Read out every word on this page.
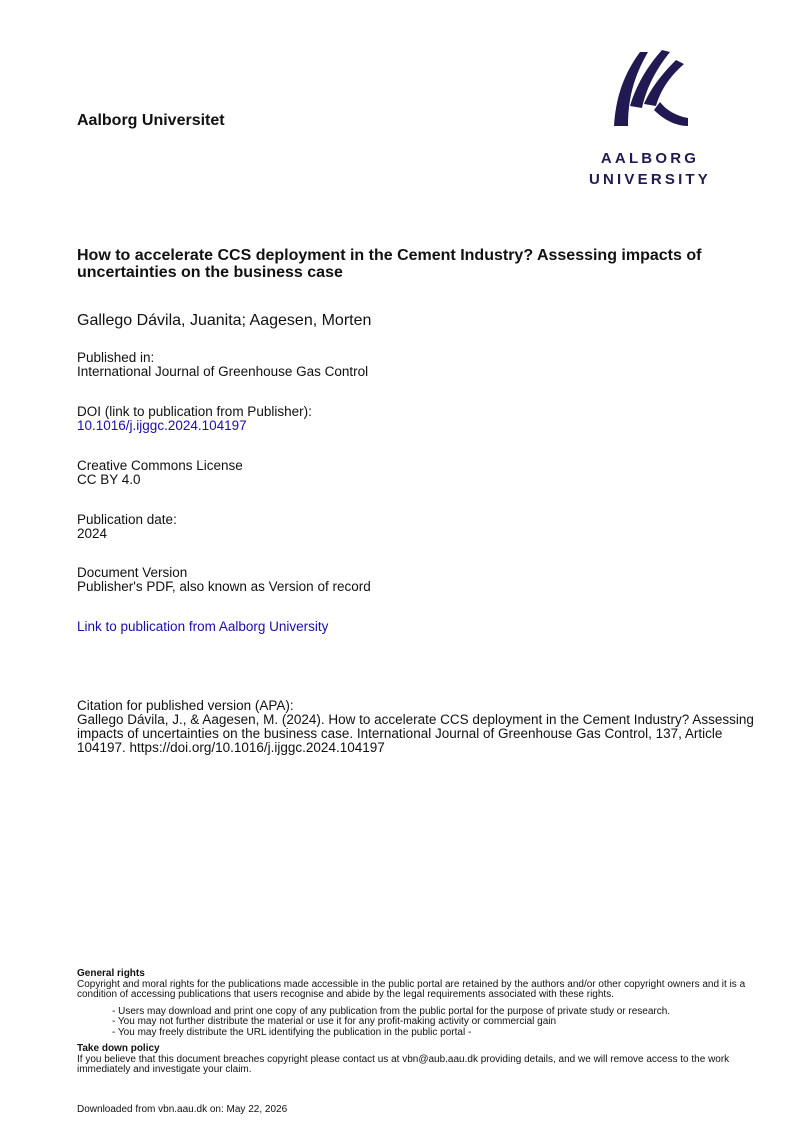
Aalborg Universitet
AALBORG
UNIVERSITY
How to accelerate CCS deployment in the Cement Industry? Assessing impacts of uncertainties on the business case
Gallego Dávila, Juanita; Aagesen, Morten
Published in:
International Journal of Greenhouse Gas Control
DOI (link to publication from Publisher):
10.1016/j.ijggc.2024.104197
Creative Commons License
CC BY 4.0
Publication date:
2024
Document Version
Publisher's PDF, also known as Version of record
Link to publication from Aalborg University
Citation for published version (APA):
Gallego Dávila, J., & Aagesen, M. (2024). How to accelerate CCS deployment in the Cement Industry? Assessing impacts of uncertainties on the business case. International Journal of Greenhouse Gas Control, 137, Article 104197. https://doi.org/10.1016/j.ijggc.2024.104197
General rights
Copyright and moral rights for the publications made accessible in the public portal are retained by the authors and/or other copyright owners and it is a condition of accessing publications that users recognise and abide by the legal requirements associated with these rights.
- Users may download and print one copy of any publication from the public portal for the purpose of private study or research.
- You may not further distribute the material or use it for any profit-making activity or commercial gain
- You may freely distribute the URL identifying the publication in the public portal -
Take down policy
If you believe that this document breaches copyright please contact us at vbn@aub.aau.dk providing details, and we will remove access to the work immediately and investigate your claim.
Downloaded from vbn.aau.dk on: May 22, 2026
